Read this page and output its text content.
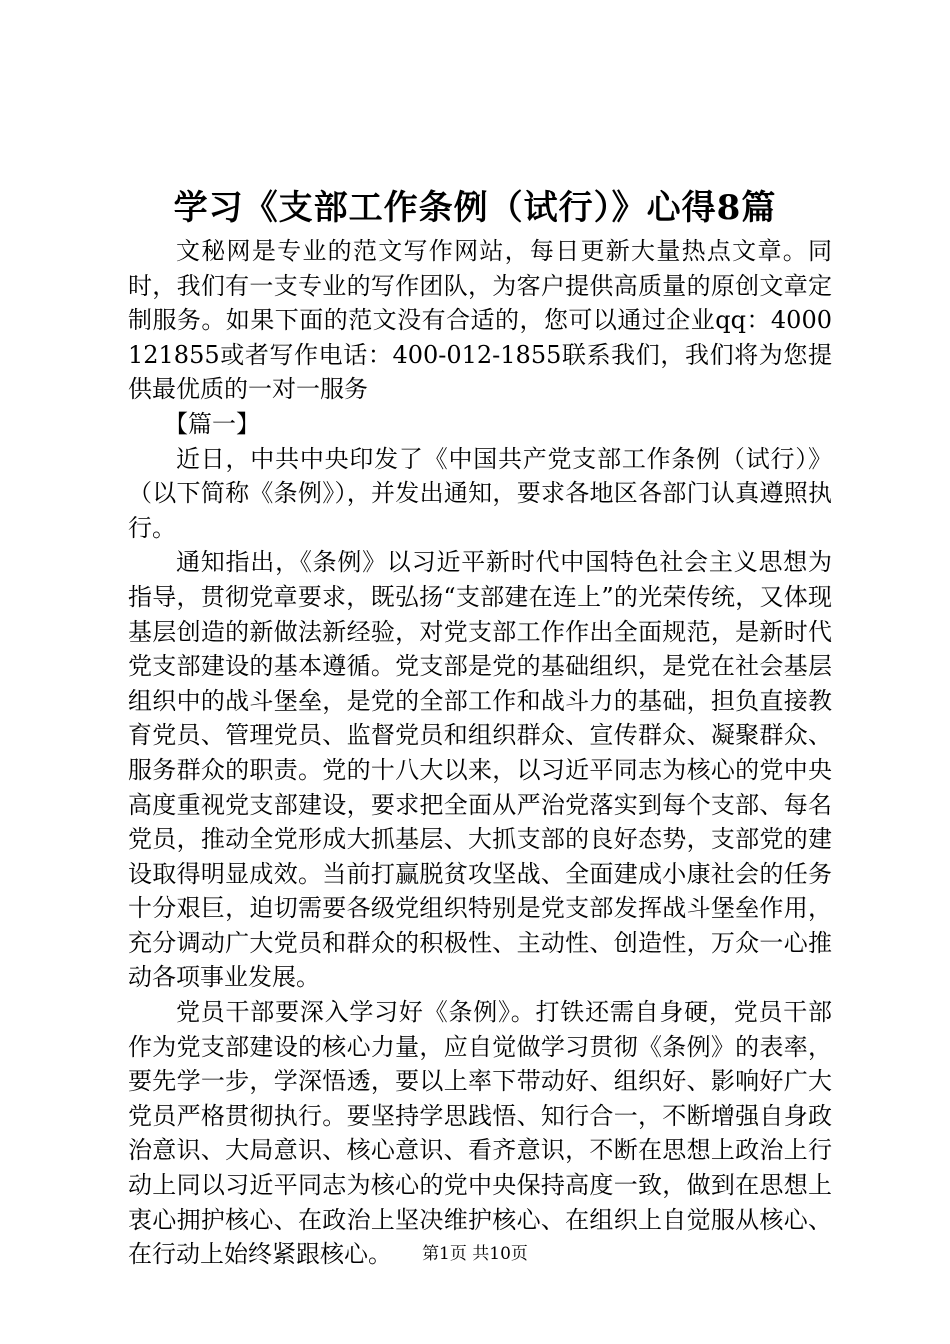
学习《支部工作条例（试行）》心得8篇

文秘网是专业的范文写作网站，每日更新大量热点文章。同时，我们有一支专业的写作团队，为客户提供高质量的原创文章定制服务。如果下面的范文没有合适的，您可以通过企业qq：4000121855或者写作电话：400-012-1855联系我们，我们将为您提供最优质的一对一服务

【篇一】

近日，中共中央印发了《中国共产党支部工作条例（试行）》（以下简称《条例》），并发出通知，要求各地区各部门认真遵照执行。

通知指出，《条例》以习近平新时代中国特色社会主义思想为指导，贯彻党章要求，既弘扬“支部建在连上”的光荣传统，又体现基层创造的新做法新经验，对党支部工作作出全面规范，是新时代党支部建设的基本遵循。党支部是党的基础组织，是党在社会基层组织中的战斗堡垒，是党的全部工作和战斗力的基础，担负直接教育党员、管理党员、监督党员和组织群众、宣传群众、凝聚群众、服务群众的职责。党的十八大以来，以习近平同志为核心的党中央高度重视党支部建设，要求把全面从严治党落实到每个支部、每名党员，推动全党形成大抓基层、大抓支部的良好态势，支部党的建设取得明显成效。当前打赢脱贫攻坚战、全面建成小康社会的任务十分艰巨，迫切需要各级党组织特别是党支部发挥战斗堡垒作用，充分调动广大党员和群众的积极性、主动性、创造性，万众一心推动各项事业发展。

党员干部要深入学习好《条例》。打铁还需自身硬，党员干部作为党支部建设的核心力量，应自觉做学习贯彻《条例》的表率，要先学一步，学深悟透，要以上率下带动好、组织好、影响好广大党员严格贯彻执行。要坚持学思践悟、知行合一，不断增强自身政治意识、大局意识、核心意识、看齐意识，不断在思想上政治上行动上同以习近平同志为核心的党中央保持高度一致，做到在思想上衷心拥护核心、在政治上坚决维护核心、在组织上自觉服从核心、在行动上始终紧跟核心。	第1页 共10页
